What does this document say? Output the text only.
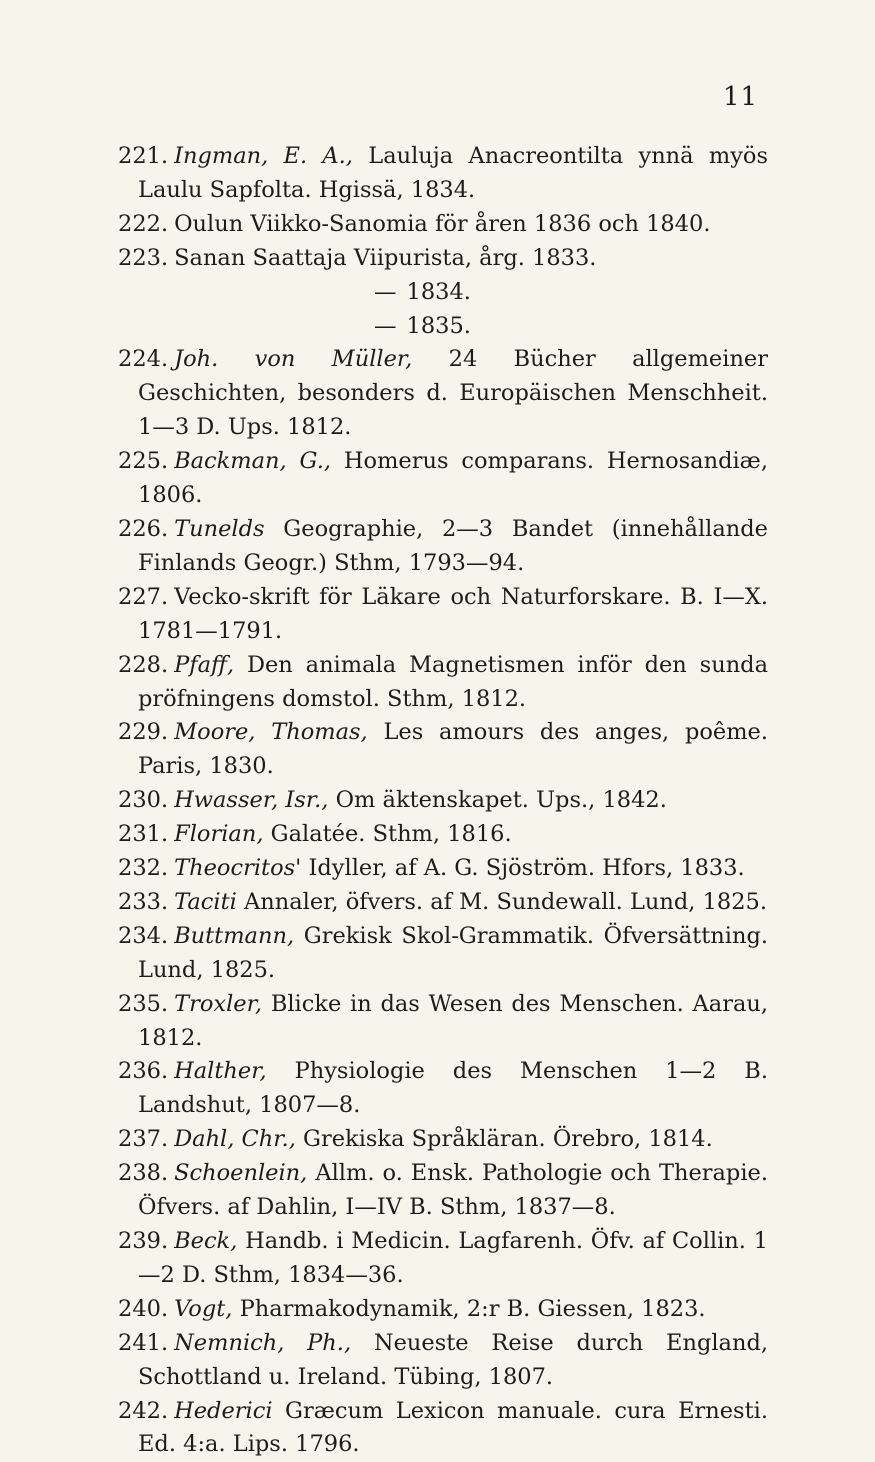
11
221. Ingman, E. A., Lauluja Anacreontilta ynnä myös Laulu Sapfolta. Hgissä, 1834.
222. Oulun Viikko-Sanomia för åren 1836 och 1840.
223. Sanan Saattaja Viipurista, årg. 1833.
— 1834.
— 1835.
224. Joh. von Müller, 24 Bücher allgemeiner Geschichten, besonders d. Europäischen Menschheit. 1—3 D. Ups. 1812.
225. Backman, G., Homerus comparans. Hernosandiæ, 1806.
226. Tunelds Geographie, 2—3 Bandet (innehållande Finlands Geogr.) Sthm, 1793—94.
227. Vecko-skrift för Läkare och Naturforskare. B. I—X. 1781—1791.
228. Pfaff, Den animala Magnetismen inför den sunda pröfningens domstol. Sthm, 1812.
229. Moore, Thomas, Les amours des anges, poême. Paris, 1830.
230. Hwasser, Isr., Om äktenskapet. Ups., 1842.
231. Florian, Galatée. Sthm, 1816.
232. Theocritos' Idyller, af A. G. Sjöström. Hfors, 1833.
233. Taciti Annaler, öfvers. af M. Sundewall. Lund, 1825.
234. Buttmann, Grekisk Skol-Grammatik. Öfversättning. Lund, 1825.
235. Troxler, Blicke in das Wesen des Menschen. Aarau, 1812.
236. Halther, Physiologie des Menschen 1—2 B. Landshut, 1807—8.
237. Dahl, Chr., Grekiska Språkläran. Örebro, 1814.
238. Schoenlein, Allm. o. Ensk. Pathologie och Therapie. Öfvers. af Dahlin, I—IV B. Sthm, 1837—8.
239. Beck, Handb. i Medicin. Lagfarenh. Öfv. af Collin. 1—2 D. Sthm, 1834—36.
240. Vogt, Pharmakodynamik, 2:r B. Giessen, 1823.
241. Nemnich, Ph., Neueste Reise durch England, Schottland u. Ireland. Tübing, 1807.
242. Hederici Græcum Lexicon manuale. cura Ernesti. Ed. 4:a. Lips. 1796.
